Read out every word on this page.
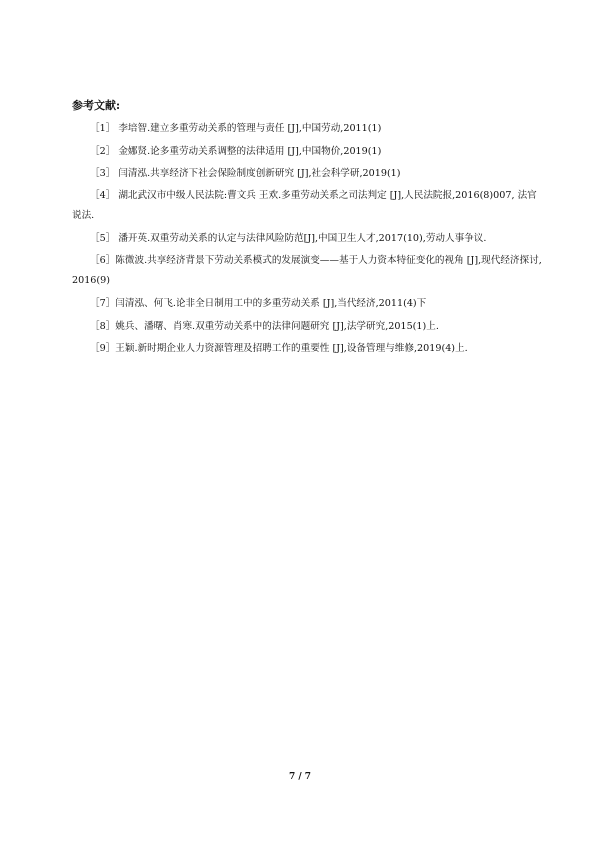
参考文献:
［1］ 李培智.建立多重劳动关系的管理与责任 [J],中国劳动,2011(1)
［2］ 金娜贤.论多重劳动关系调整的法律适用 [J],中国物价,2019(1)
［3］ 闫清泓.共享经济下社会保险制度创新研究 [J],社会科学研,2019(1)
［4］ 湖北武汉市中级人民法院:曹文兵 王欢.多重劳动关系之司法判定 [J],人民法院报,2016(8)007, 法官说法.
［5］ 潘开英.双重劳动关系的认定与法律风险防范[J],中国卫生人才,2017(10),劳动人事争议.
［6］陈微波.共享经济背景下劳动关系模式的发展演变——基于人力资本特征变化的视角 [J],现代经济探讨,2016(9)
［7］闫清泓、何飞.论非全日制用工中的多重劳动关系 [J],当代经济,2011(4)下
［8］姚兵、潘曙、肖寒.双重劳动关系中的法律问题研究 [J],法学研究,2015(1)上.
［9］王颖.新时期企业人力资源管理及招聘工作的重要性 [J],设备管理与维修,2019(4)上.
7 / 7
